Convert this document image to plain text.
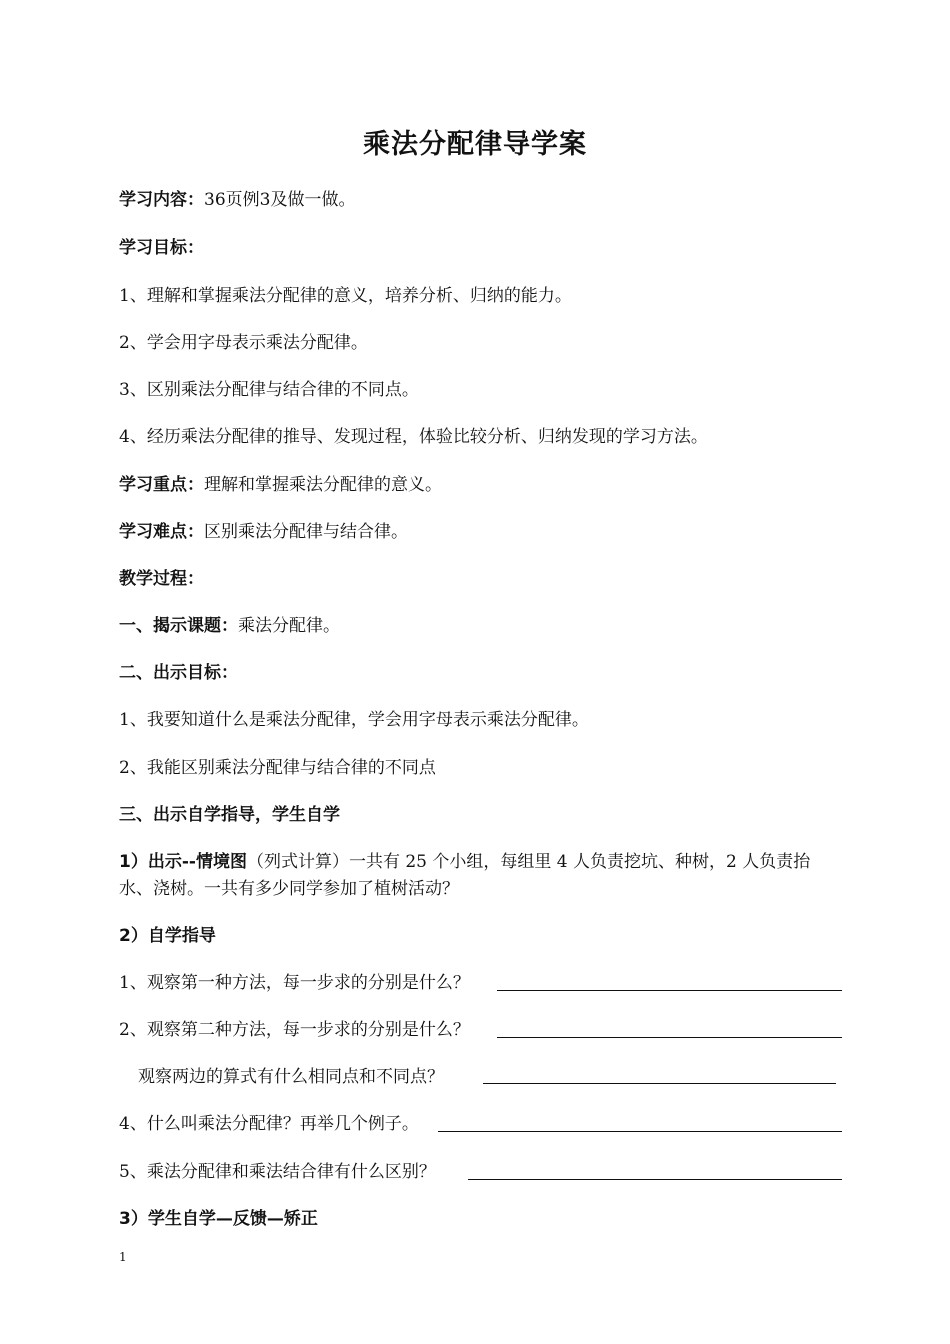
乘法分配律导学案
学习内容：36页例3及做一做。
学习目标：
1、理解和掌握乘法分配律的意义，培养分析、归纳的能力。
2、学会用字母表示乘法分配律。
3、区别乘法分配律与结合律的不同点。
4、经历乘法分配律的推导、发现过程，体验比较分析、归纳发现的学习方法。
学习重点：理解和掌握乘法分配律的意义。
学习难点：区别乘法分配律与结合律。
教学过程：
一、揭示课题：乘法分配律。
二、出示目标：
1、我要知道什么是乘法分配律，学会用字母表示乘法分配律。
2、我能区别乘法分配律与结合律的不同点
三、出示自学指导，学生自学
1）出示--情境图（列式计算）一共有 25 个小组，每组里 4 人负责挖坑、种树，2 人负责抬
水、浇树。一共有多少同学参加了植树活动？
2）自学指导
1、观察第一种方法，每一步求的分别是什么？
2、观察第二种方法，每一步求的分别是什么？
观察两边的算式有什么相同点和不同点？
4、什么叫乘法分配律？再举几个例子。
5、乘法分配律和乘法结合律有什么区别？
3）学生自学—反馈—矫正
1
